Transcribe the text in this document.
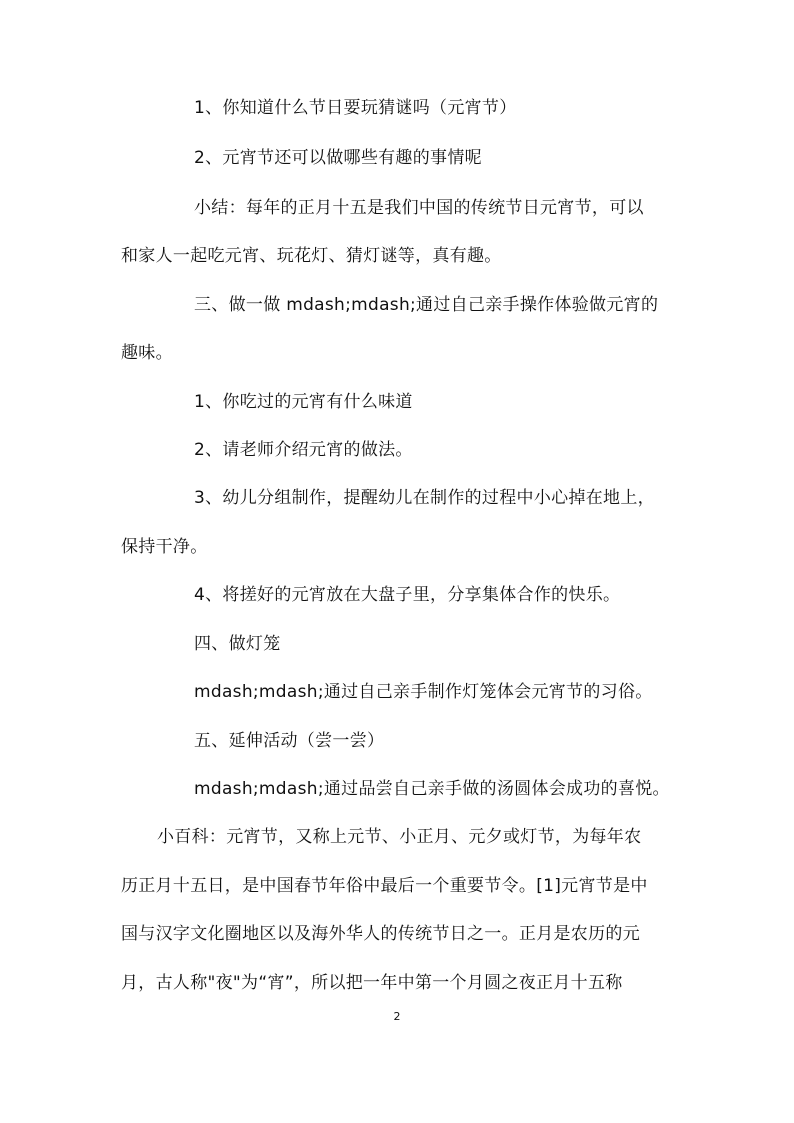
1、你知道什么节日要玩猜谜吗（元宵节）
2、元宵节还可以做哪些有趣的事情呢
小结：每年的正月十五是我们中国的传统节日元宵节，可以
和家人一起吃元宵、玩花灯、猜灯谜等，真有趣。
三、做一做 mdash;mdash;通过自己亲手操作体验做元宵的
趣味。
1、你吃过的元宵有什么味道
2、请老师介绍元宵的做法。
3、幼儿分组制作，提醒幼儿在制作的过程中小心掉在地上，
保持干净。
4、将搓好的元宵放在大盘子里，分享集体合作的快乐。
四、做灯笼
mdash;mdash;通过自己亲手制作灯笼体会元宵节的习俗。
五、延伸活动（尝一尝）
mdash;mdash;通过品尝自己亲手做的汤圆体会成功的喜悦。
小百科：元宵节，又称上元节、小正月、元夕或灯节，为每年农
历正月十五日，是中国春节年俗中最后一个重要节令。[1]元宵节是中
国与汉字文化圈地区以及海外华人的传统节日之一。正月是农历的元
月，古人称"夜"为“宵”，所以把一年中第一个月圆之夜正月十五称
2
